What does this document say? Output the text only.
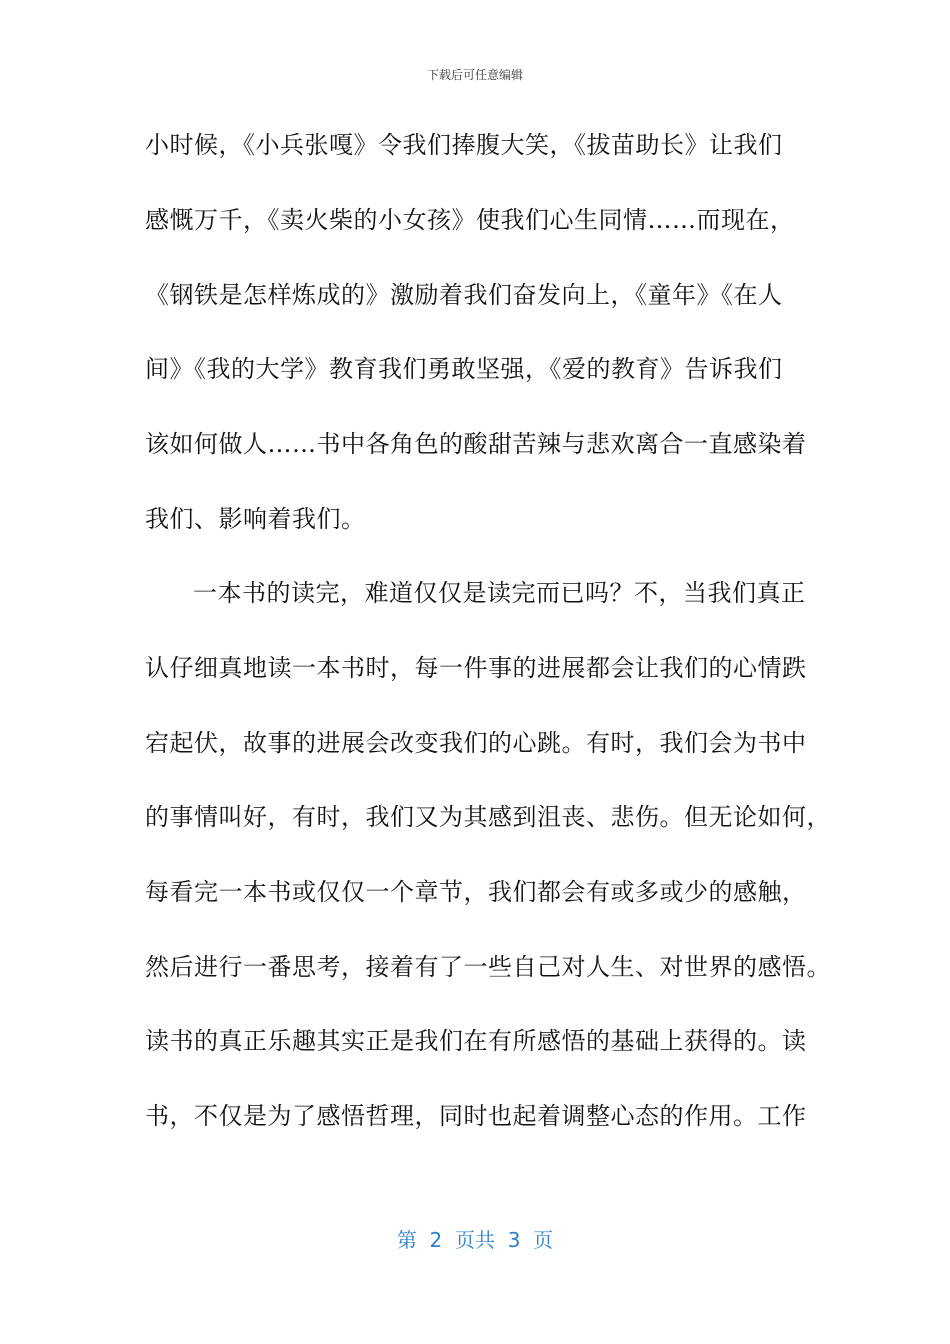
下载后可任意编辑
小时候，《小兵张嘎》令我们捧腹大笑，《拔苗助长》让我们
感慨万千，《卖火柴的小女孩》使我们心生同情……而现在，
《钢铁是怎样炼成的》激励着我们奋发向上，《童年》《在人
间》《我的大学》教育我们勇敢坚强，《爱的教育》告诉我们
该如何做人……书中各角色的酸甜苦辣与悲欢离合一直感染着
我们、影响着我们。
一本书的读完，难道仅仅是读完而已吗？不，当我们真正
认仔细真地读一本书时，每一件事的进展都会让我们的心情跌
宕起伏，故事的进展会改变我们的心跳。有时，我们会为书中
的事情叫好，有时，我们又为其感到沮丧、悲伤。但无论如何，
每看完一本书或仅仅一个章节，我们都会有或多或少的感触，
然后进行一番思考，接着有了一些自己对人生、对世界的感悟。
读书的真正乐趣其实正是我们在有所感悟的基础上获得的。读
书，不仅是为了感悟哲理，同时也起着调整心态的作用。工作
第  2  页共  3  页
